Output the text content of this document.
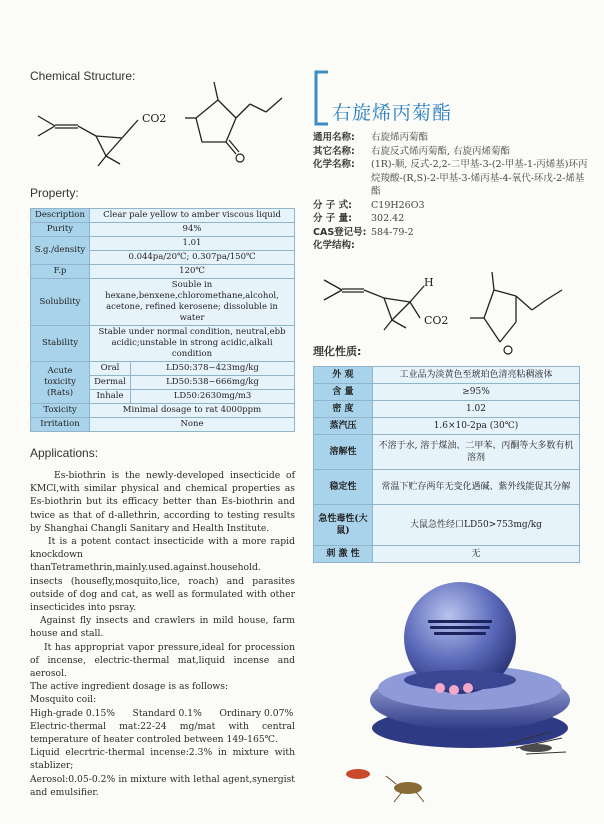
Chemical Structure:
CO2
Property:
Description	Clear pale yellow to amber viscous liquid	
Purity	94%	
S.g./density	1.01	
	0.044pa/20℃; 0.307pa/150℃	
F.p	120℃	
Solubility	Souble in hexane,benxene,chloromethane,alcohol, acetone, refined kerosene; dissoluble in water	
Stability	Stable under normal condition, neutral,ebb acidic;unstable in strong acidic,alkali condition	
Acute toxicity (Rats)	Oral	LD50:378~423mg/kg
	Dermal	LD50:538~666mg/kg
	Inhale	LD50:2630mg/m3
Toxicity	Minimal dosage to rat 4000ppm	
Irritation	None	
Applications:

Es-biothrin is the newly-developed insecticide of KMCl,with similar physical and chemical properties as Es-biothrin but its efficacy better than Es-biothrin and twice as that of d-allethrin, according to testing results by Shanghai Changli Sanitary and Health Institute.

It is a potent contact insecticide with a more rapid knockdown thanTetramethrin,mainly.used.against.household. insects (housefly,mosquito,lice, roach) and parasites outside of dog and cat, as well as formulated with other insecticides into psray.

Against fly insects and crawlers in mild house, farm house and stall.

It has appropriat vapor pressure,ideal for procession of incense, electric-thermal mat,liquid incense and aerosol.

The active ingredient dosage is as follows:

Mosquito coil:

High-grade 0.15%      Standard 0.1%      Ordinary 0.07%

Electric-thermal mat:22-24 mg/mat with central temperature of heater controled between 149-165℃.

Liquid elecrtric-thermal incense:2.3% in mixture with stablizer;

Aerosol:0.05-0.2% in mixture with lethal agent,synergist and emulsifier.

右旋烯丙菊酯
通用名称:	右旋烯丙菊酯
其它名称:	右旋反式烯丙菊酯, 右旋丙烯菊酯
化学名称:	(1R)-顺, 反式-2,2-二甲基-3-(2-甲基-1-丙烯基)环丙烷羧酸-(R,S)-2-甲基-3-烯丙基-4-氧代-环戊-2-烯基酯
分 子 式:	C19H26O3
分 子 量:	302.42
CAS登记号: 584-79-2
化学结构:
H
CO2
理化性质:
外 观	工业品为淡黄色至琥珀色清亮粘稠液体
含 量	≥95%
密 度	1.02
蒸汽压	1.6×10-2pa (30℃)
溶解性	不溶于水, 溶于煤油、二甲苯、丙酮等大多数有机溶剂
稳定性	常温下贮存两年无变化遇碱、紫外线能促其分解
急性毒性(大 鼠)	大鼠急性经口LD50>753mg/kg
刺 激 性	无
